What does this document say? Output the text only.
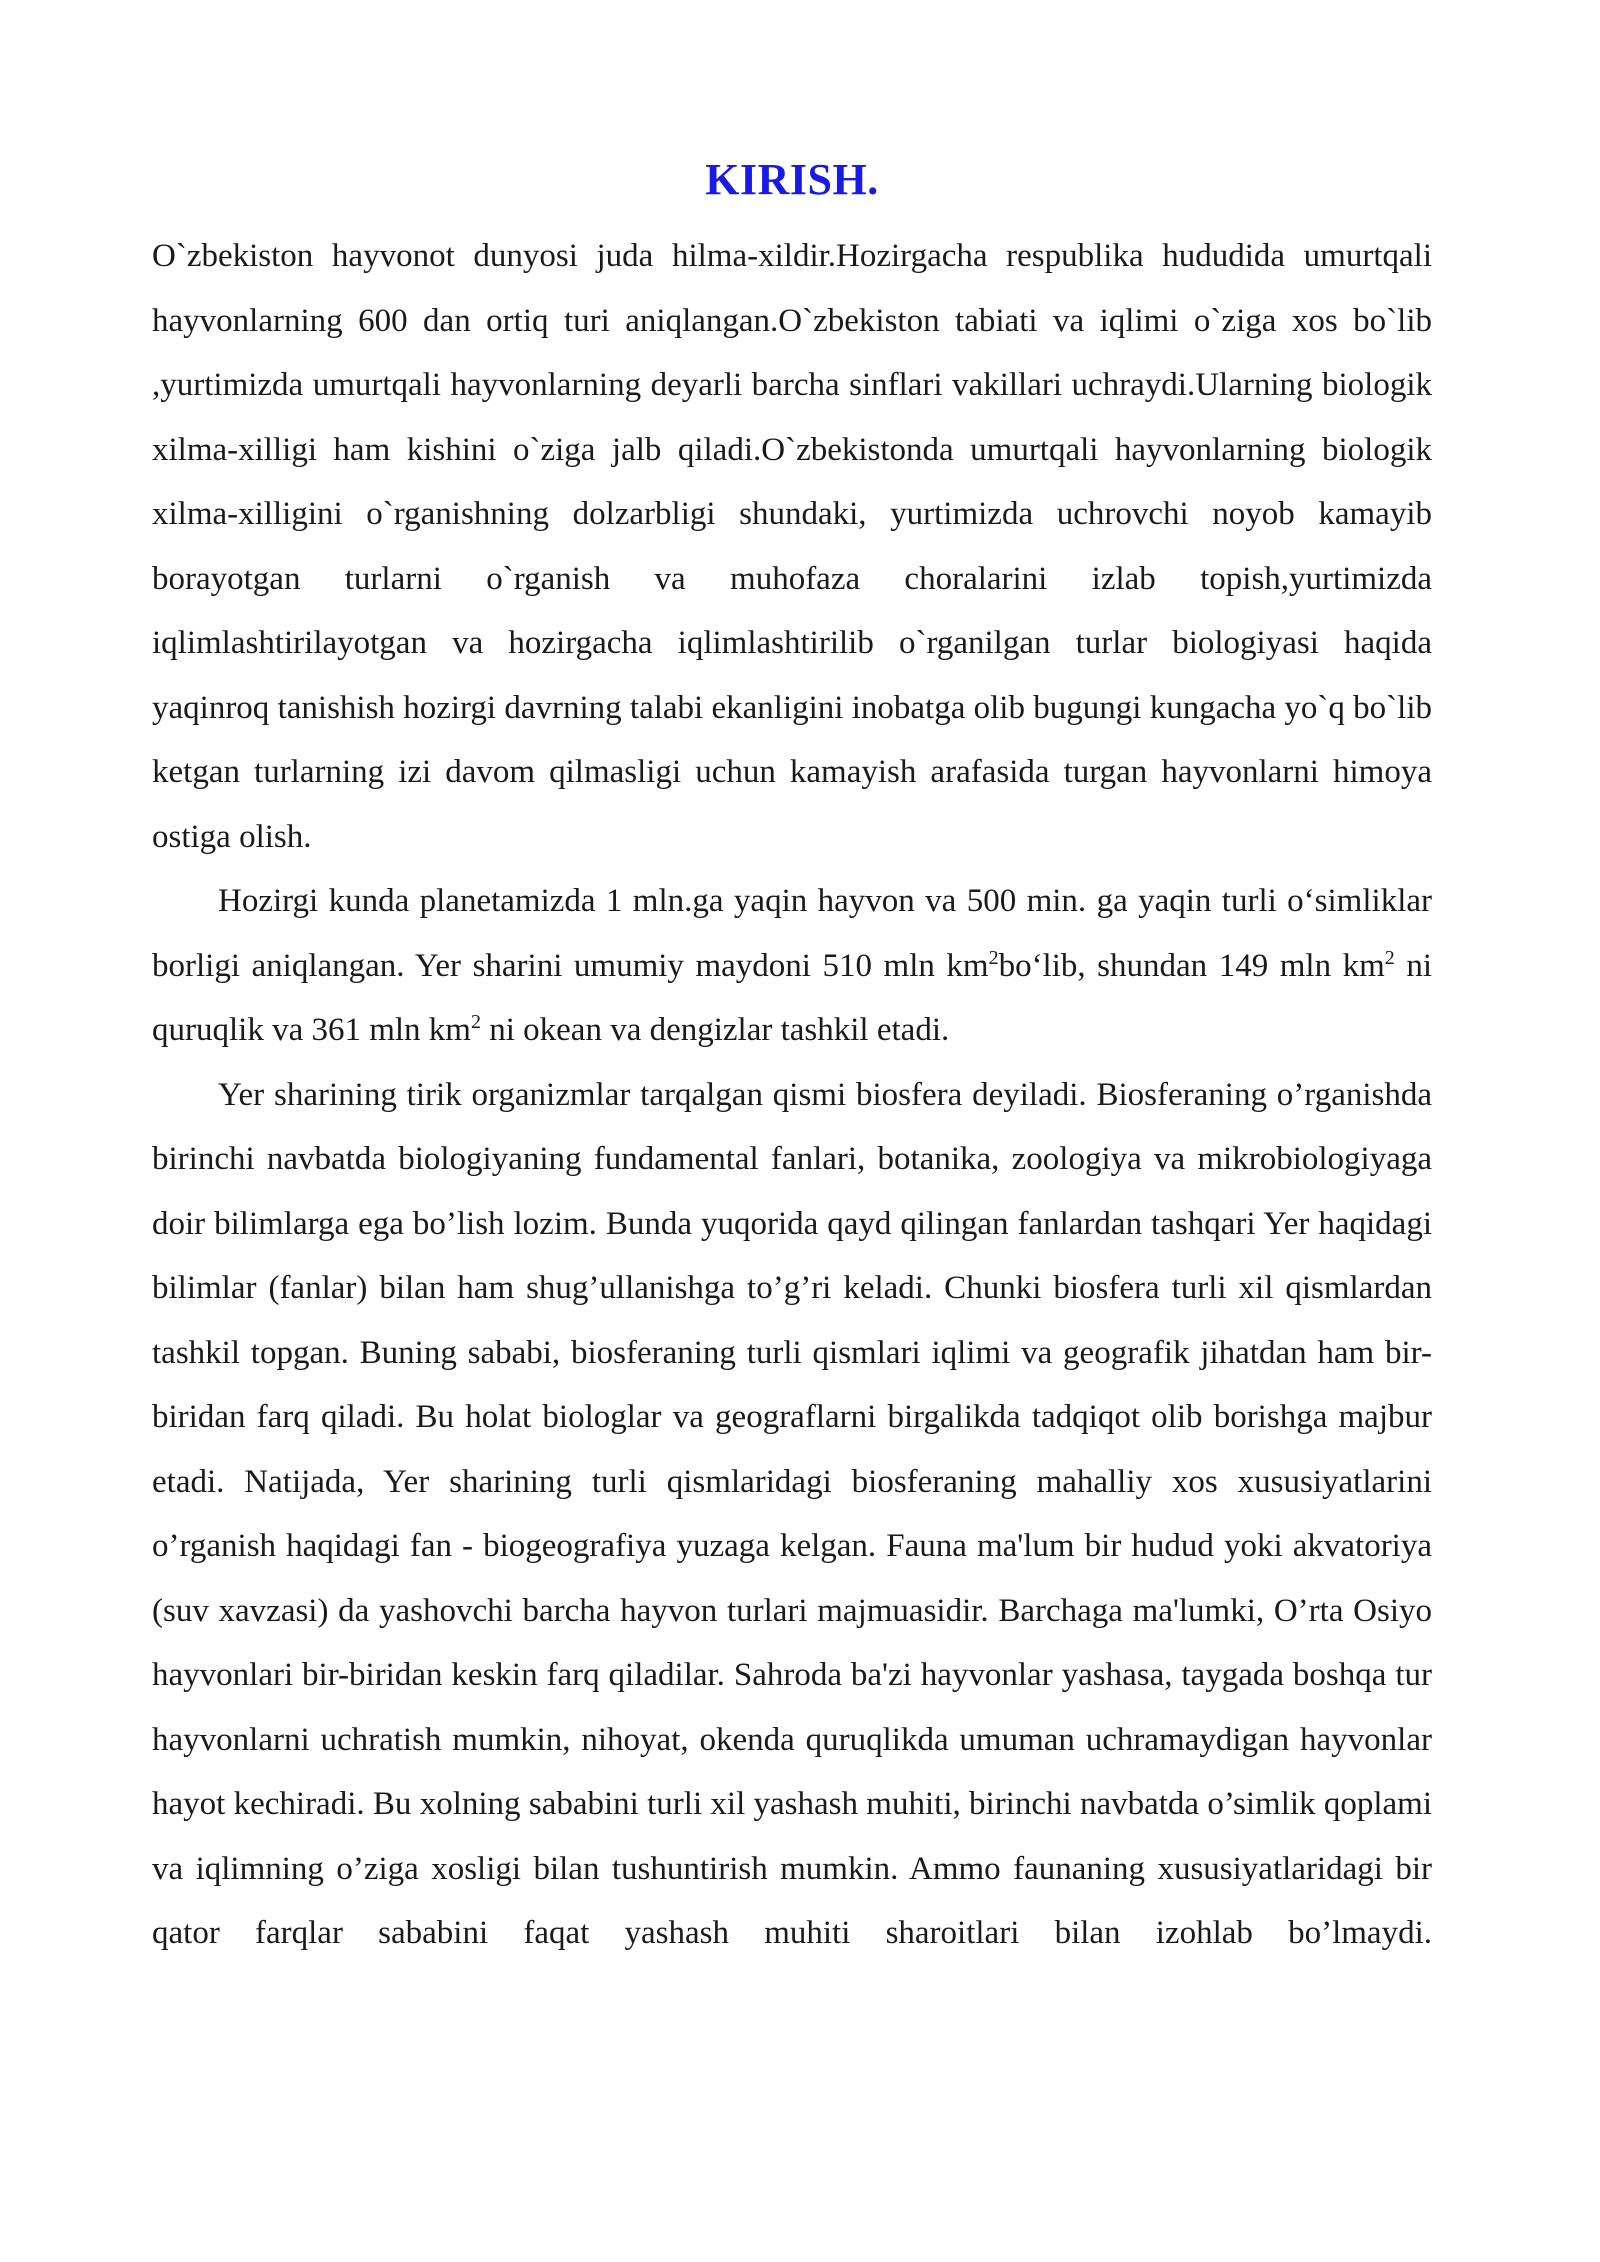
KIRISH.

O`zbekiston hayvonot dunyosi juda hilma-xildir.Hozirgacha respublika hududida umurtqali hayvonlarning 600 dan ortiq turi aniqlangan.O`zbekiston tabiati va iqlimi o`ziga xos bo`lib ,yurtimizda umurtqali hayvonlarning deyarli barcha sinflari vakillari uchraydi.Ularning biologik xilma-xilligi ham kishini o`ziga jalb qiladi.O`zbekistonda umurtqali hayvonlarning biologik xilma-xilligini o`rganishning dolzarbligi shundaki, yurtimizda uchrovchi noyob kamayib borayotgan turlarni o`rganish va muhofaza choralarini izlab topish,yurtimizda iqlimlashtirilayotgan va hozirgacha iqlimlashtirilib o`rganilgan turlar biologiyasi haqida yaqinroq tanishish hozirgi davrning talabi ekanligini inobatga olib bugungi kungacha yo`q bo`lib ketgan turlarning izi davom qilmasligi uchun kamayish arafasida turgan hayvonlarni himoya ostiga olish.

Hozirgi kunda planetamizda 1 mln.ga yaqin hayvon va 500 min. ga yaqin turli o‘simliklar borligi aniqlangan. Yer sharini umumiy maydoni 510 mln $km^2bo‘lib$, shundan 149 mln $km^2$ ni quruqlik va 361 mln $km^2$ ni okean va dengizlar tashkil etadi.

Yer sharining tirik organizmlar tarqalgan qismi biosfera deyiladi. Biosferaning o’rganishda birinchi navbatda biologiyaning fundamental fanlari, botanika, zoologiya va mikrobiologiyaga doir bilimlarga ega bo’lish lozim. Bunda yuqorida qayd qilingan fanlardan tashqari Yer haqidagi bilimlar (fanlar) bilan ham shug’ullanishga to’g’ri keladi. Chunki biosfera turli xil qismlardan tashkil topgan. Buning sababi, biosferaning turli qismlari iqlimi va geografik jihatdan ham bir-biridan farq qiladi. Bu holat biologlar va geograflarni birgalikda tadqiqot olib borishga majbur etadi. Natijada, Yer sharining turli qismlaridagi biosferaning mahalliy xos xususiyatlarini o’rganish haqidagi fan - biogeografiya yuzaga kelgan. Fauna ma'lum bir hudud yoki akvatoriya (suv xavzasi) da yashovchi barcha hayvon turlari majmuasidir. Barchaga ma'lumki, O’rta Osiyo hayvonlari bir-biridan keskin farq qiladilar. Sahroda ba'zi hayvonlar yashasa, taygada boshqa tur hayvonlarni uchratish mumkin, nihoyat, okenda quruqlikda umuman uchramaydigan hayvonlar hayot kechiradi. Bu xolning sababini turli xil yashash muhiti, birinchi navbatda o’simlik qoplami va iqlimning o’ziga xosligi bilan tushuntirish mumkin. Ammo faunaning xususiyatlaridagi bir qator farqlar sababini faqat yashash muhiti sharoitlari bilan izohlab bo’lmaydi.
